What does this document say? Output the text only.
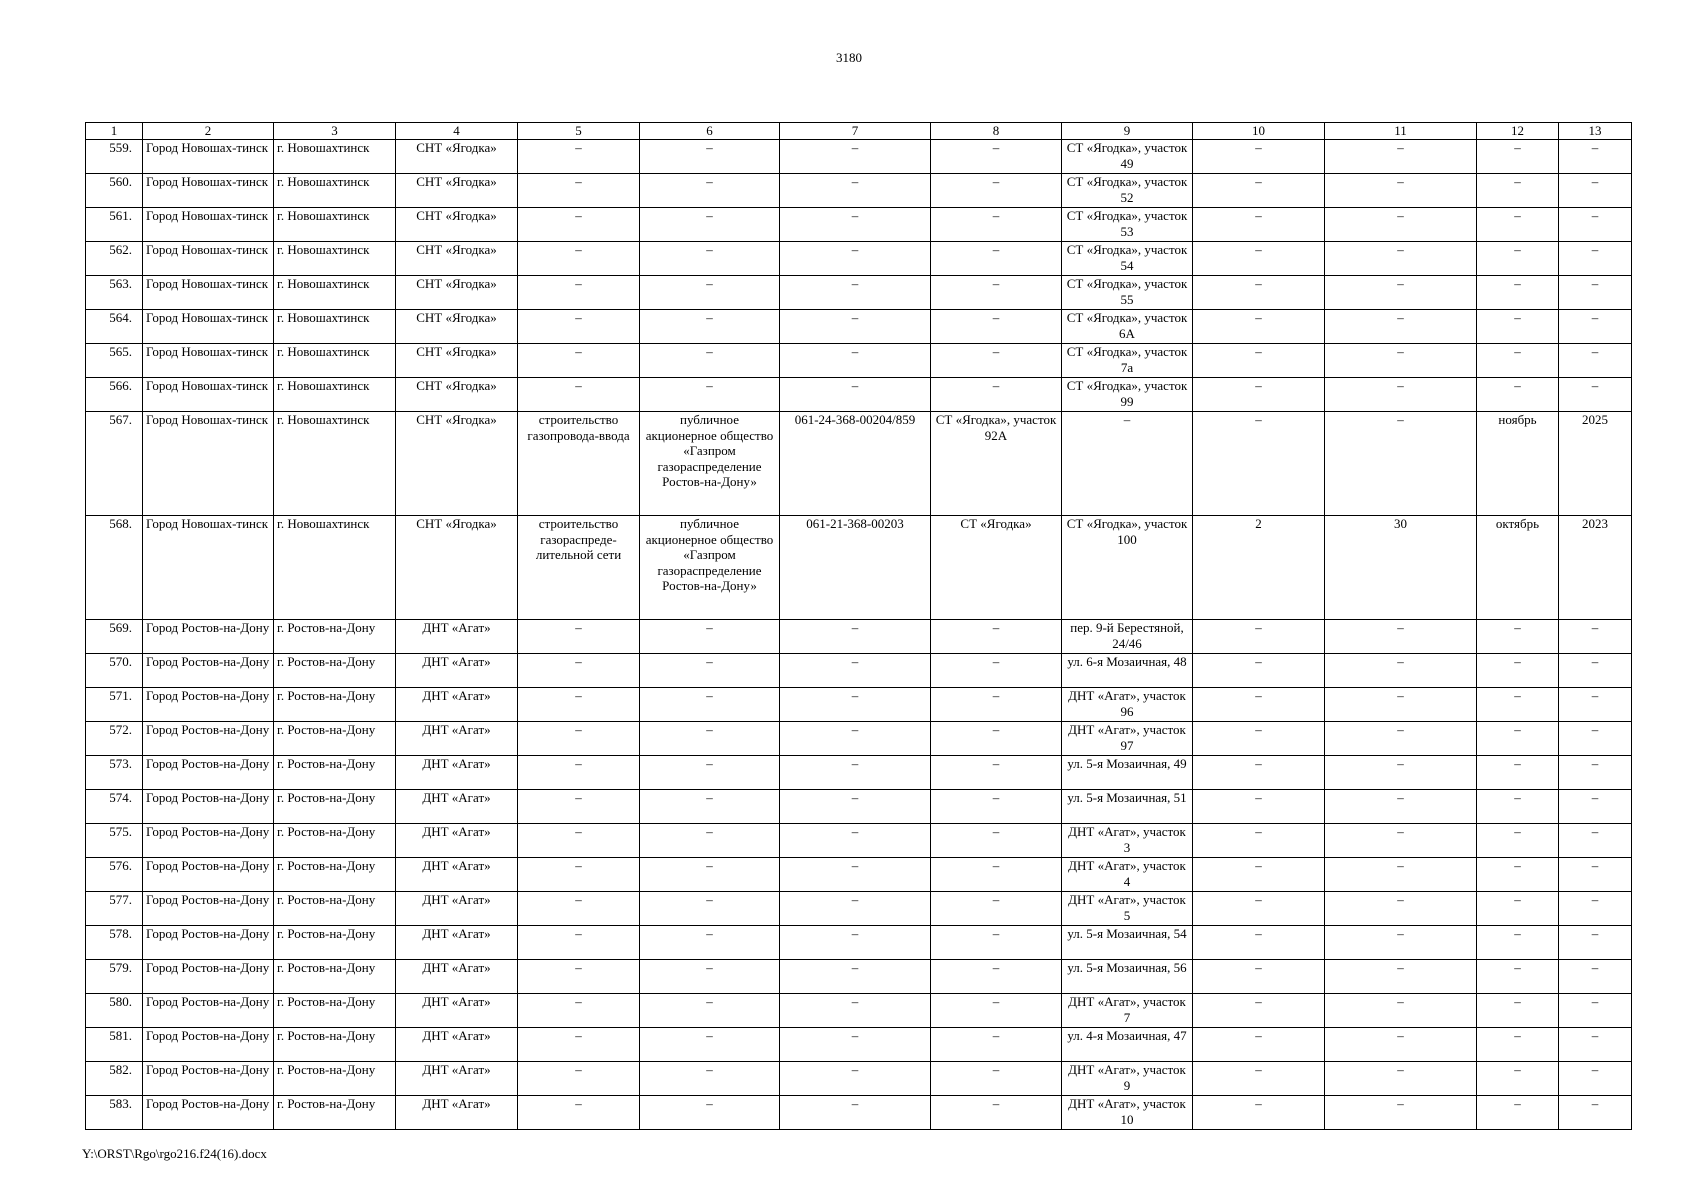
3180
1	2	3	4	5	6	7	8	9	10	11	12	13
559.	Город Новошах-тинск	г. Новошахтинск	СНТ «Ягодка»	–	–	–	–	СТ «Ягодка», участок 49	–	–	–	–
560.	Город Новошах-тинск	г. Новошахтинск	СНТ «Ягодка»	–	–	–	–	СТ «Ягодка», участок 52	–	–	–	–
561.	Город Новошах-тинск	г. Новошахтинск	СНТ «Ягодка»	–	–	–	–	СТ «Ягодка», участок 53	–	–	–	–
562.	Город Новошах-тинск	г. Новошахтинск	СНТ «Ягодка»	–	–	–	–	СТ «Ягодка», участок 54	–	–	–	–
563.	Город Новошах-тинск	г. Новошахтинск	СНТ «Ягодка»	–	–	–	–	СТ «Ягодка», участок 55	–	–	–	–
564.	Город Новошах-тинск	г. Новошахтинск	СНТ «Ягодка»	–	–	–	–	СТ «Ягодка», участок 6А	–	–	–	–
565.	Город Новошах-тинск	г. Новошахтинск	СНТ «Ягодка»	–	–	–	–	СТ «Ягодка», участок 7а	–	–	–	–
566.	Город Новошах-тинск	г. Новошахтинск	СНТ «Ягодка»	–	–	–	–	СТ «Ягодка», участок 99	–	–	–	–
567.	Город Новошах-тинск	г. Новошахтинск	СНТ «Ягодка»	строительство газопровода-ввода	публичное акционерное общество «Газпром газораспределение Ростов-на-Дону»	061-24-368-00204/859	СТ «Ягодка», участок 92А	–	–	–	ноябрь	2025
568.	Город Новошах-тинск	г. Новошахтинск	СНТ «Ягодка»	строительство газораспреде-лительной сети	публичное акционерное общество «Газпром газораспределение Ростов-на-Дону»	061-21-368-00203	СТ «Ягодка»	СТ «Ягодка», участок 100	2	30	октябрь	2023
569.	Город Ростов-на-Дону	г. Ростов-на-Дону	ДНТ «Агат»	–	–	–	–	пер. 9-й Берестяной, 24/46	–	–	–	–
570.	Город Ростов-на-Дону	г. Ростов-на-Дону	ДНТ «Агат»	–	–	–	–	ул. 6-я Мозаичная, 48	–	–	–	–
571.	Город Ростов-на-Дону	г. Ростов-на-Дону	ДНТ «Агат»	–	–	–	–	ДНТ «Агат», участок 96	–	–	–	–
572.	Город Ростов-на-Дону	г. Ростов-на-Дону	ДНТ «Агат»	–	–	–	–	ДНТ «Агат», участок 97	–	–	–	–
573.	Город Ростов-на-Дону	г. Ростов-на-Дону	ДНТ «Агат»	–	–	–	–	ул. 5-я Мозаичная, 49	–	–	–	–
574.	Город Ростов-на-Дону	г. Ростов-на-Дону	ДНТ «Агат»	–	–	–	–	ул. 5-я Мозаичная, 51	–	–	–	–
575.	Город Ростов-на-Дону	г. Ростов-на-Дону	ДНТ «Агат»	–	–	–	–	ДНТ «Агат», участок 3	–	–	–	–
576.	Город Ростов-на-Дону	г. Ростов-на-Дону	ДНТ «Агат»	–	–	–	–	ДНТ «Агат», участок 4	–	–	–	–
577.	Город Ростов-на-Дону	г. Ростов-на-Дону	ДНТ «Агат»	–	–	–	–	ДНТ «Агат», участок 5	–	–	–	–
578.	Город Ростов-на-Дону	г. Ростов-на-Дону	ДНТ «Агат»	–	–	–	–	ул. 5-я Мозаичная, 54	–	–	–	–
579.	Город Ростов-на-Дону	г. Ростов-на-Дону	ДНТ «Агат»	–	–	–	–	ул. 5-я Мозаичная, 56	–	–	–	–
580.	Город Ростов-на-Дону	г. Ростов-на-Дону	ДНТ «Агат»	–	–	–	–	ДНТ «Агат», участок 7	–	–	–	–
581.	Город Ростов-на-Дону	г. Ростов-на-Дону	ДНТ «Агат»	–	–	–	–	ул. 4-я Мозаичная, 47	–	–	–	–
582.	Город Ростов-на-Дону	г. Ростов-на-Дону	ДНТ «Агат»	–	–	–	–	ДНТ «Агат», участок 9	–	–	–	–
583.	Город Ростов-на-Дону	г. Ростов-на-Дону	ДНТ «Агат»	–	–	–	–	ДНТ «Агат», участок 10	–	–	–	–
Y:\ORST\Rgo\rgo216.f24(16).docx
